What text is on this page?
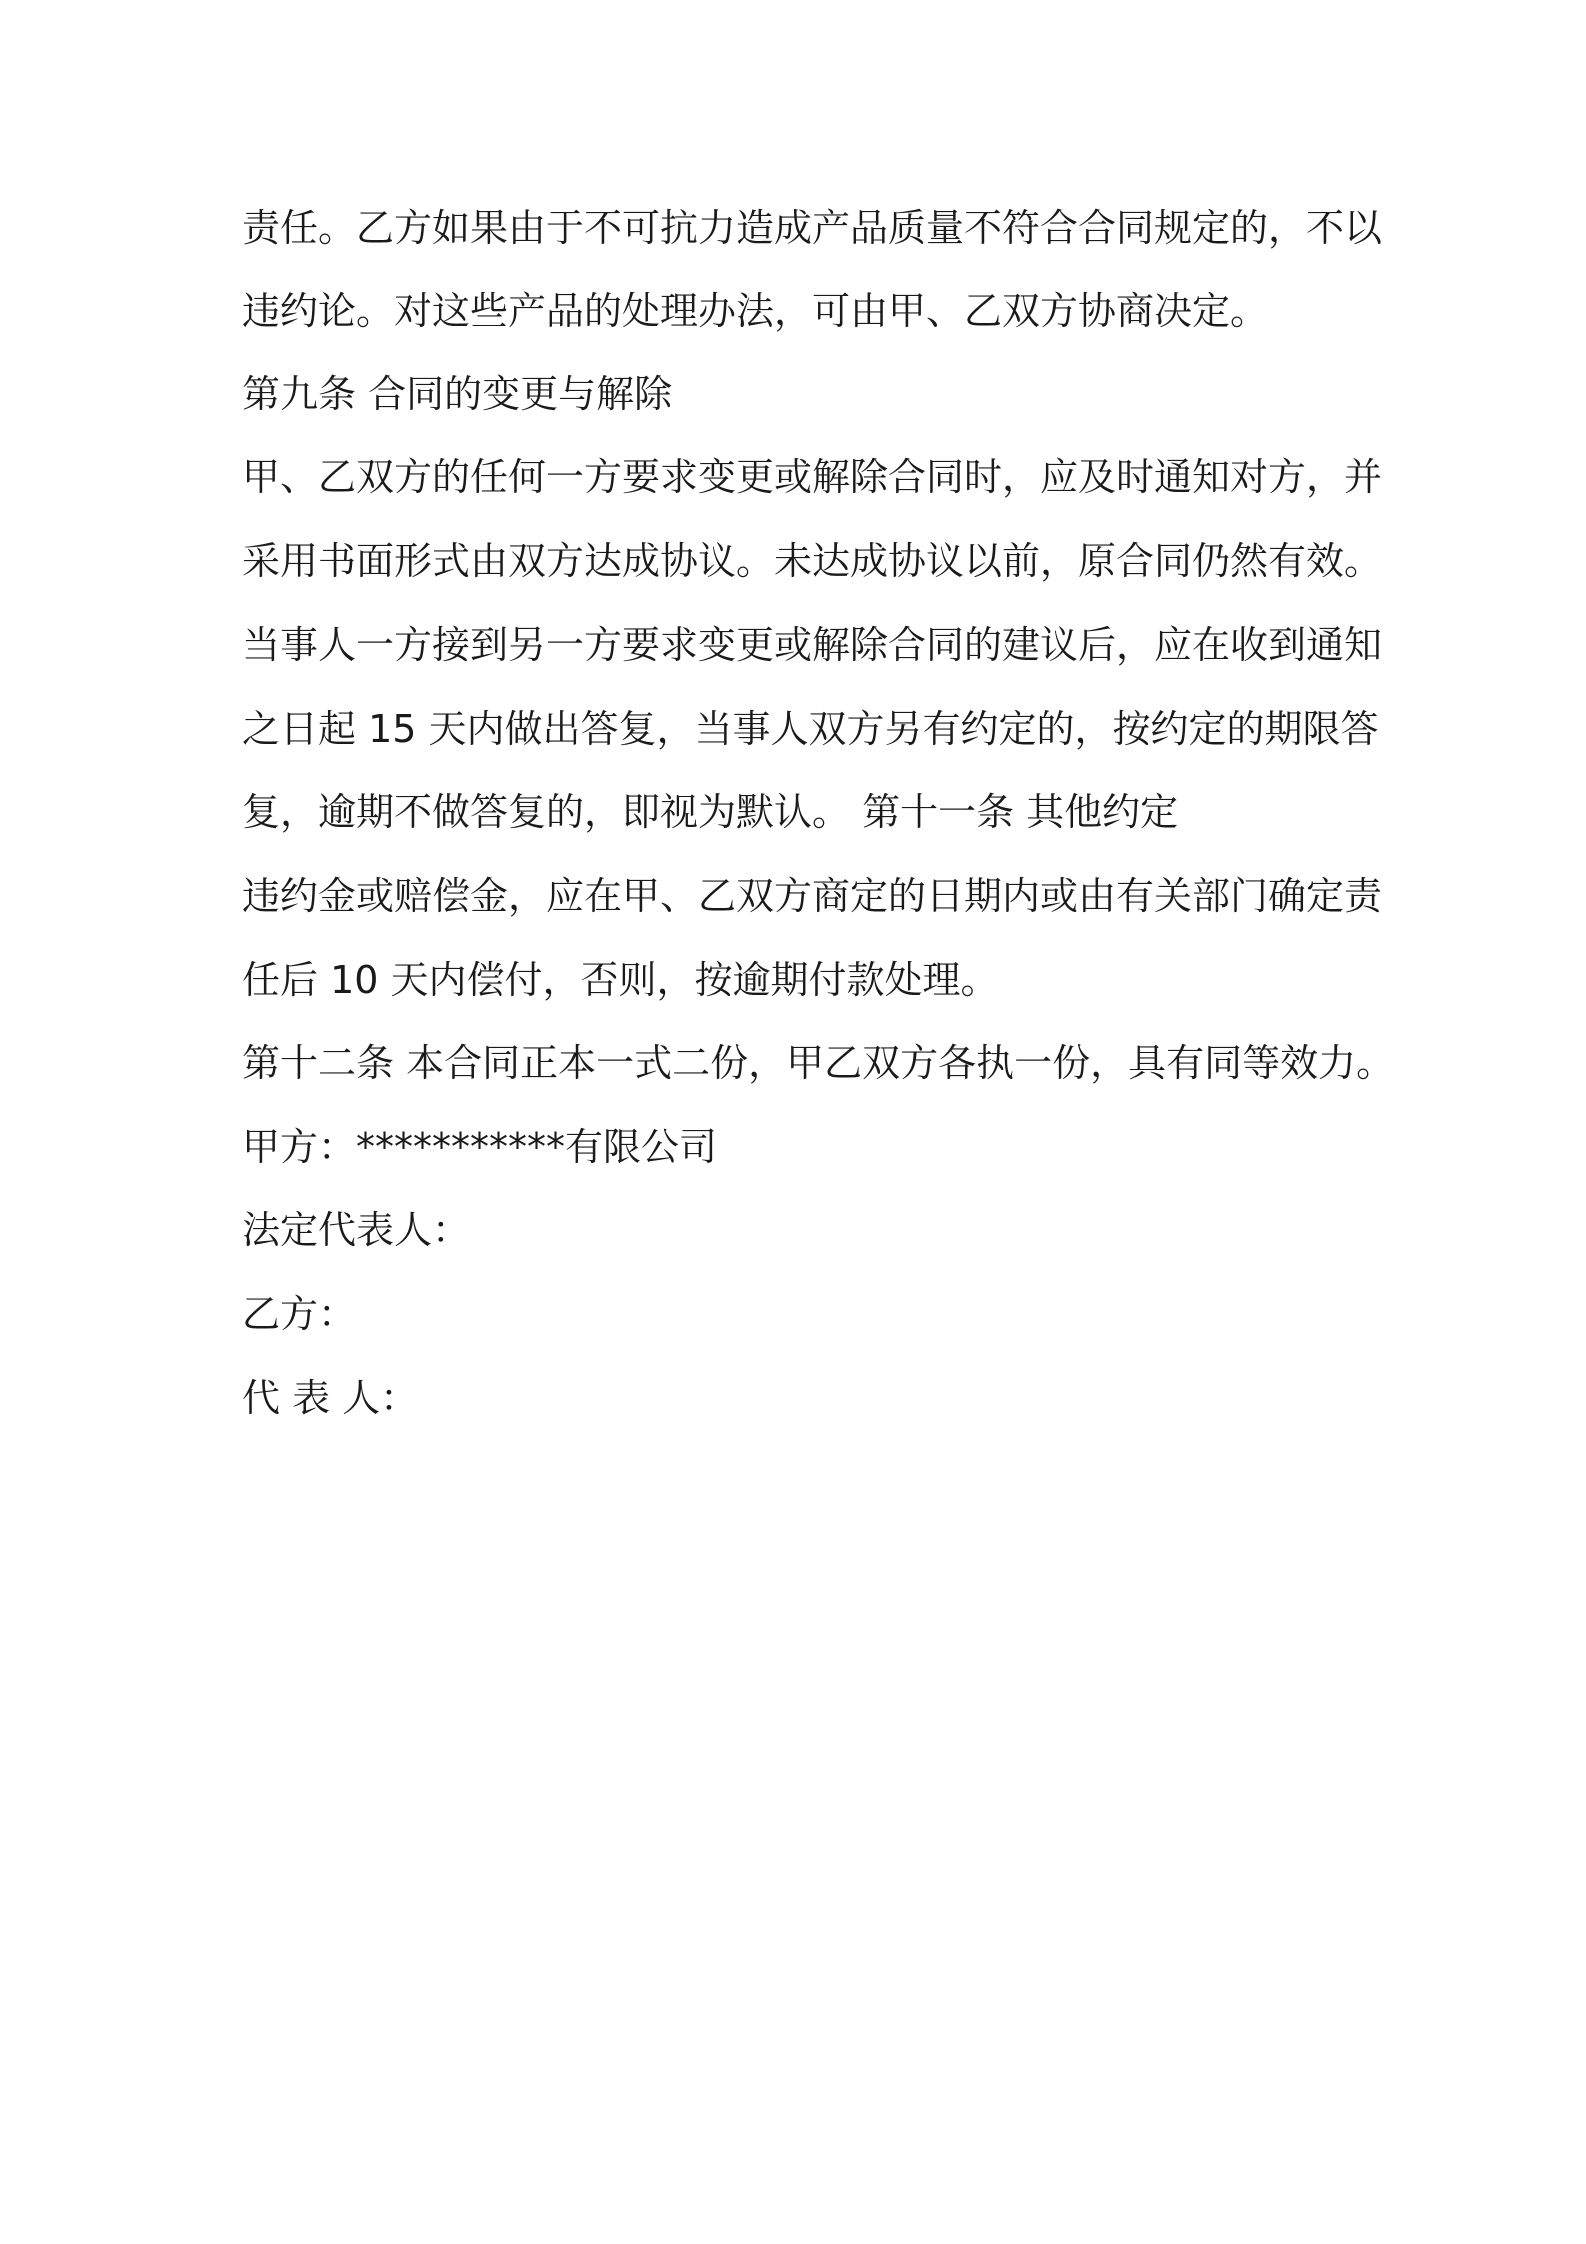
责任。乙方如果由于不可抗力造成产品质量不符合合同规定的，不以
违约论。对这些产品的处理办法，可由甲、乙双方协商决定。
第九条 合同的变更与解除
甲、乙双方的任何一方要求变更或解除合同时，应及时通知对方，并
采用书面形式由双方达成协议。未达成协议以前，原合同仍然有效。
当事人一方接到另一方要求变更或解除合同的建议后，应在收到通知
之日起 15 天内做出答复，当事人双方另有约定的，按约定的期限答
复，逾期不做答复的，即视为默认。 第十一条 其他约定
违约金或赔偿金，应在甲、乙双方商定的日期内或由有关部门确定责
任后 10 天内偿付，否则，按逾期付款处理。
第十二条 本合同正本一式二份，甲乙双方各执一份，具有同等效力。
甲方：***********有限公司
法定代表人：
乙方：
代 表 人：
